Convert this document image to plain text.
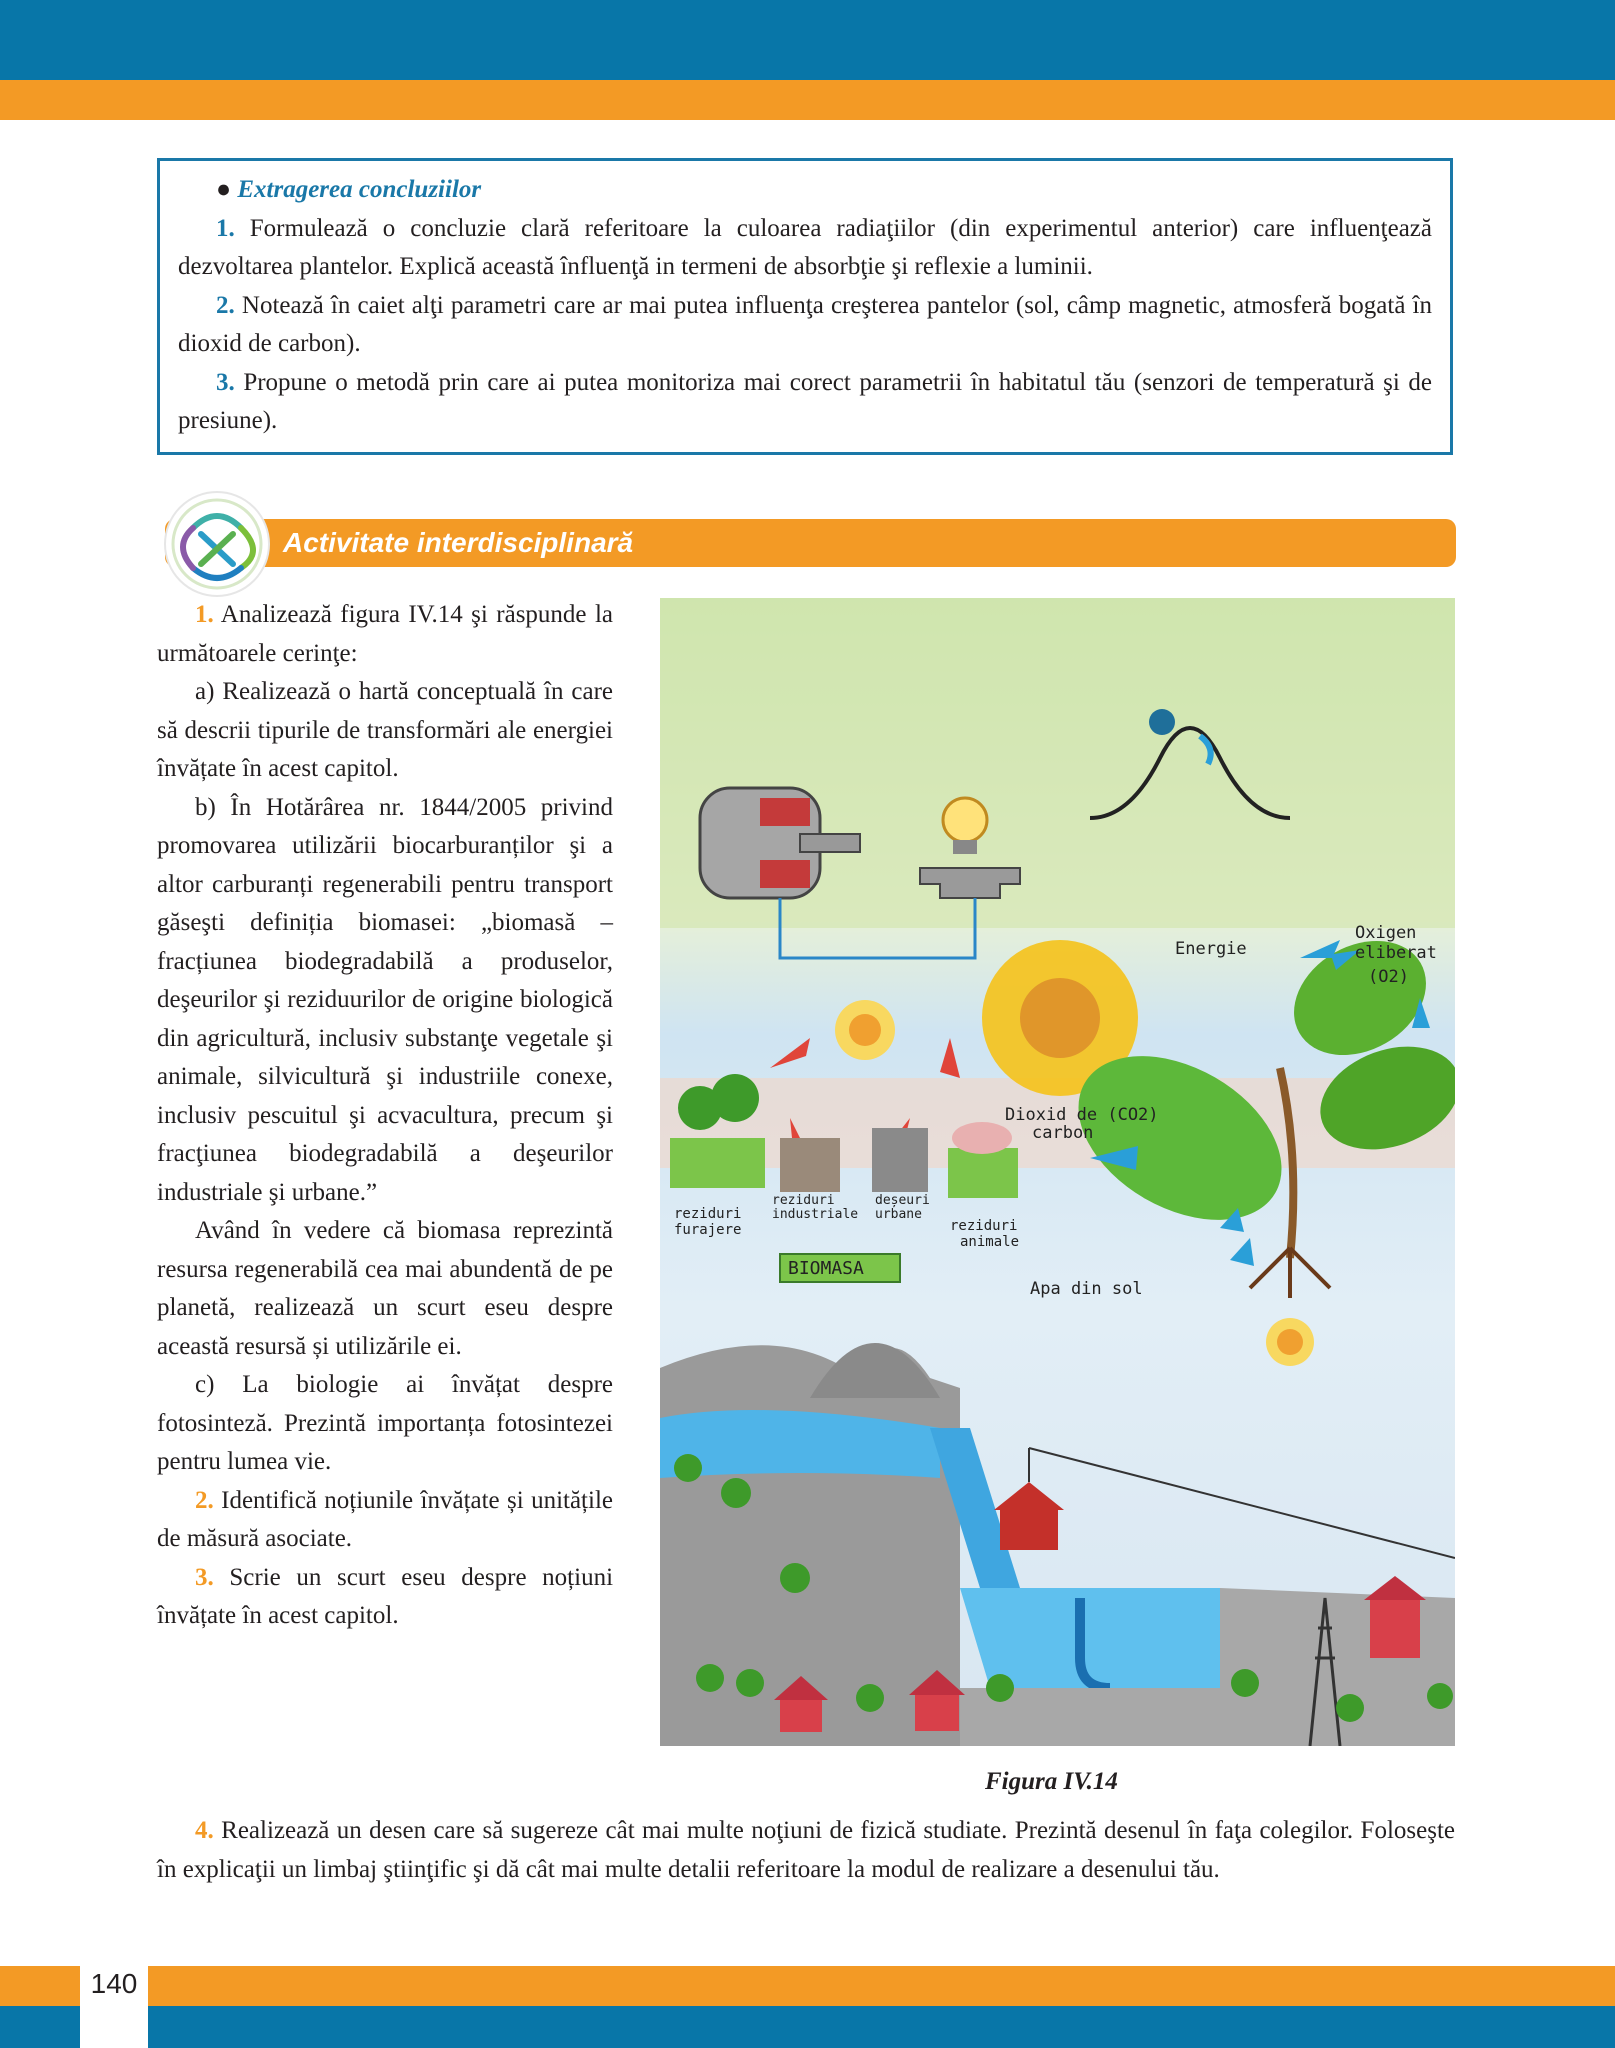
● Extragerea concluziilor

1. Formulează o concluzie clară referitoare la culoarea radiaţiilor (din experimentul anterior) care influenţează dezvoltarea plantelor. Explică această înfluenţă in termeni de absorbţie şi reflexie a luminii.

2. Notează în caiet alţi parametri care ar mai putea influenţa creşterea pantelor (sol, câmp magnetic, atmosferă bogată în dioxid de carbon).

3. Propune o metodă prin care ai putea monitoriza mai corect parametrii în habitatul tău (senzori de temperatură şi de presiune).

Activitate interdisciplinară

1. Analizează figura IV.14 şi răspunde la următoarele cerinţe:

a) Realizează o hartă conceptuală în care să descrii tipurile de transformări ale energiei învățate în acest capitol.

b) În Hotărârea nr. 1844/2005 privind promovarea utilizării biocarburanților şi a altor carburanți regenerabili pentru transport găseşti definiția biomasei: „biomasă – fracțiunea biodegradabilă a produselor, deşeurilor şi reziduurilor de origine biologică din agricultură, inclusiv substanţe vegetale şi animale, silvicultură şi industriile conexe, inclusiv pescuitul şi acvacultura, precum şi fracţiunea biodegradabilă a deşeurilor industriale şi urbane.”

Având în vedere că biomasa reprezintă resursa regenerabilă cea mai abundentă de pe planetă, realizează un scurt eseu despre această resursă și utilizările ei.

c) La biologie ai învățat despre fotosinteză. Prezintă importanța fotosintezei pentru lumea vie.

2. Identifică noțiunile învățate și unitățile de măsură asociate.

3. Scrie un scurt eseu despre noțiuni învățate în acest capitol.

Energie
Oxigen
eliberat
(O2)
Dioxid de (CO2)
carbon
Apa din sol
BIOMASA
reziduri
furajere
reziduri
industriale
deșeuri
urbane
reziduri
animale
Figura IV.14

4. Realizează un desen care să sugereze cât mai multe noţiuni de fizică studiate. Prezintă desenul în faţa colegilor. Foloseşte în explicaţii un limbaj ştiinţific şi dă cât mai multe detalii referitoare la modul de realizare a desenului tău.

140
